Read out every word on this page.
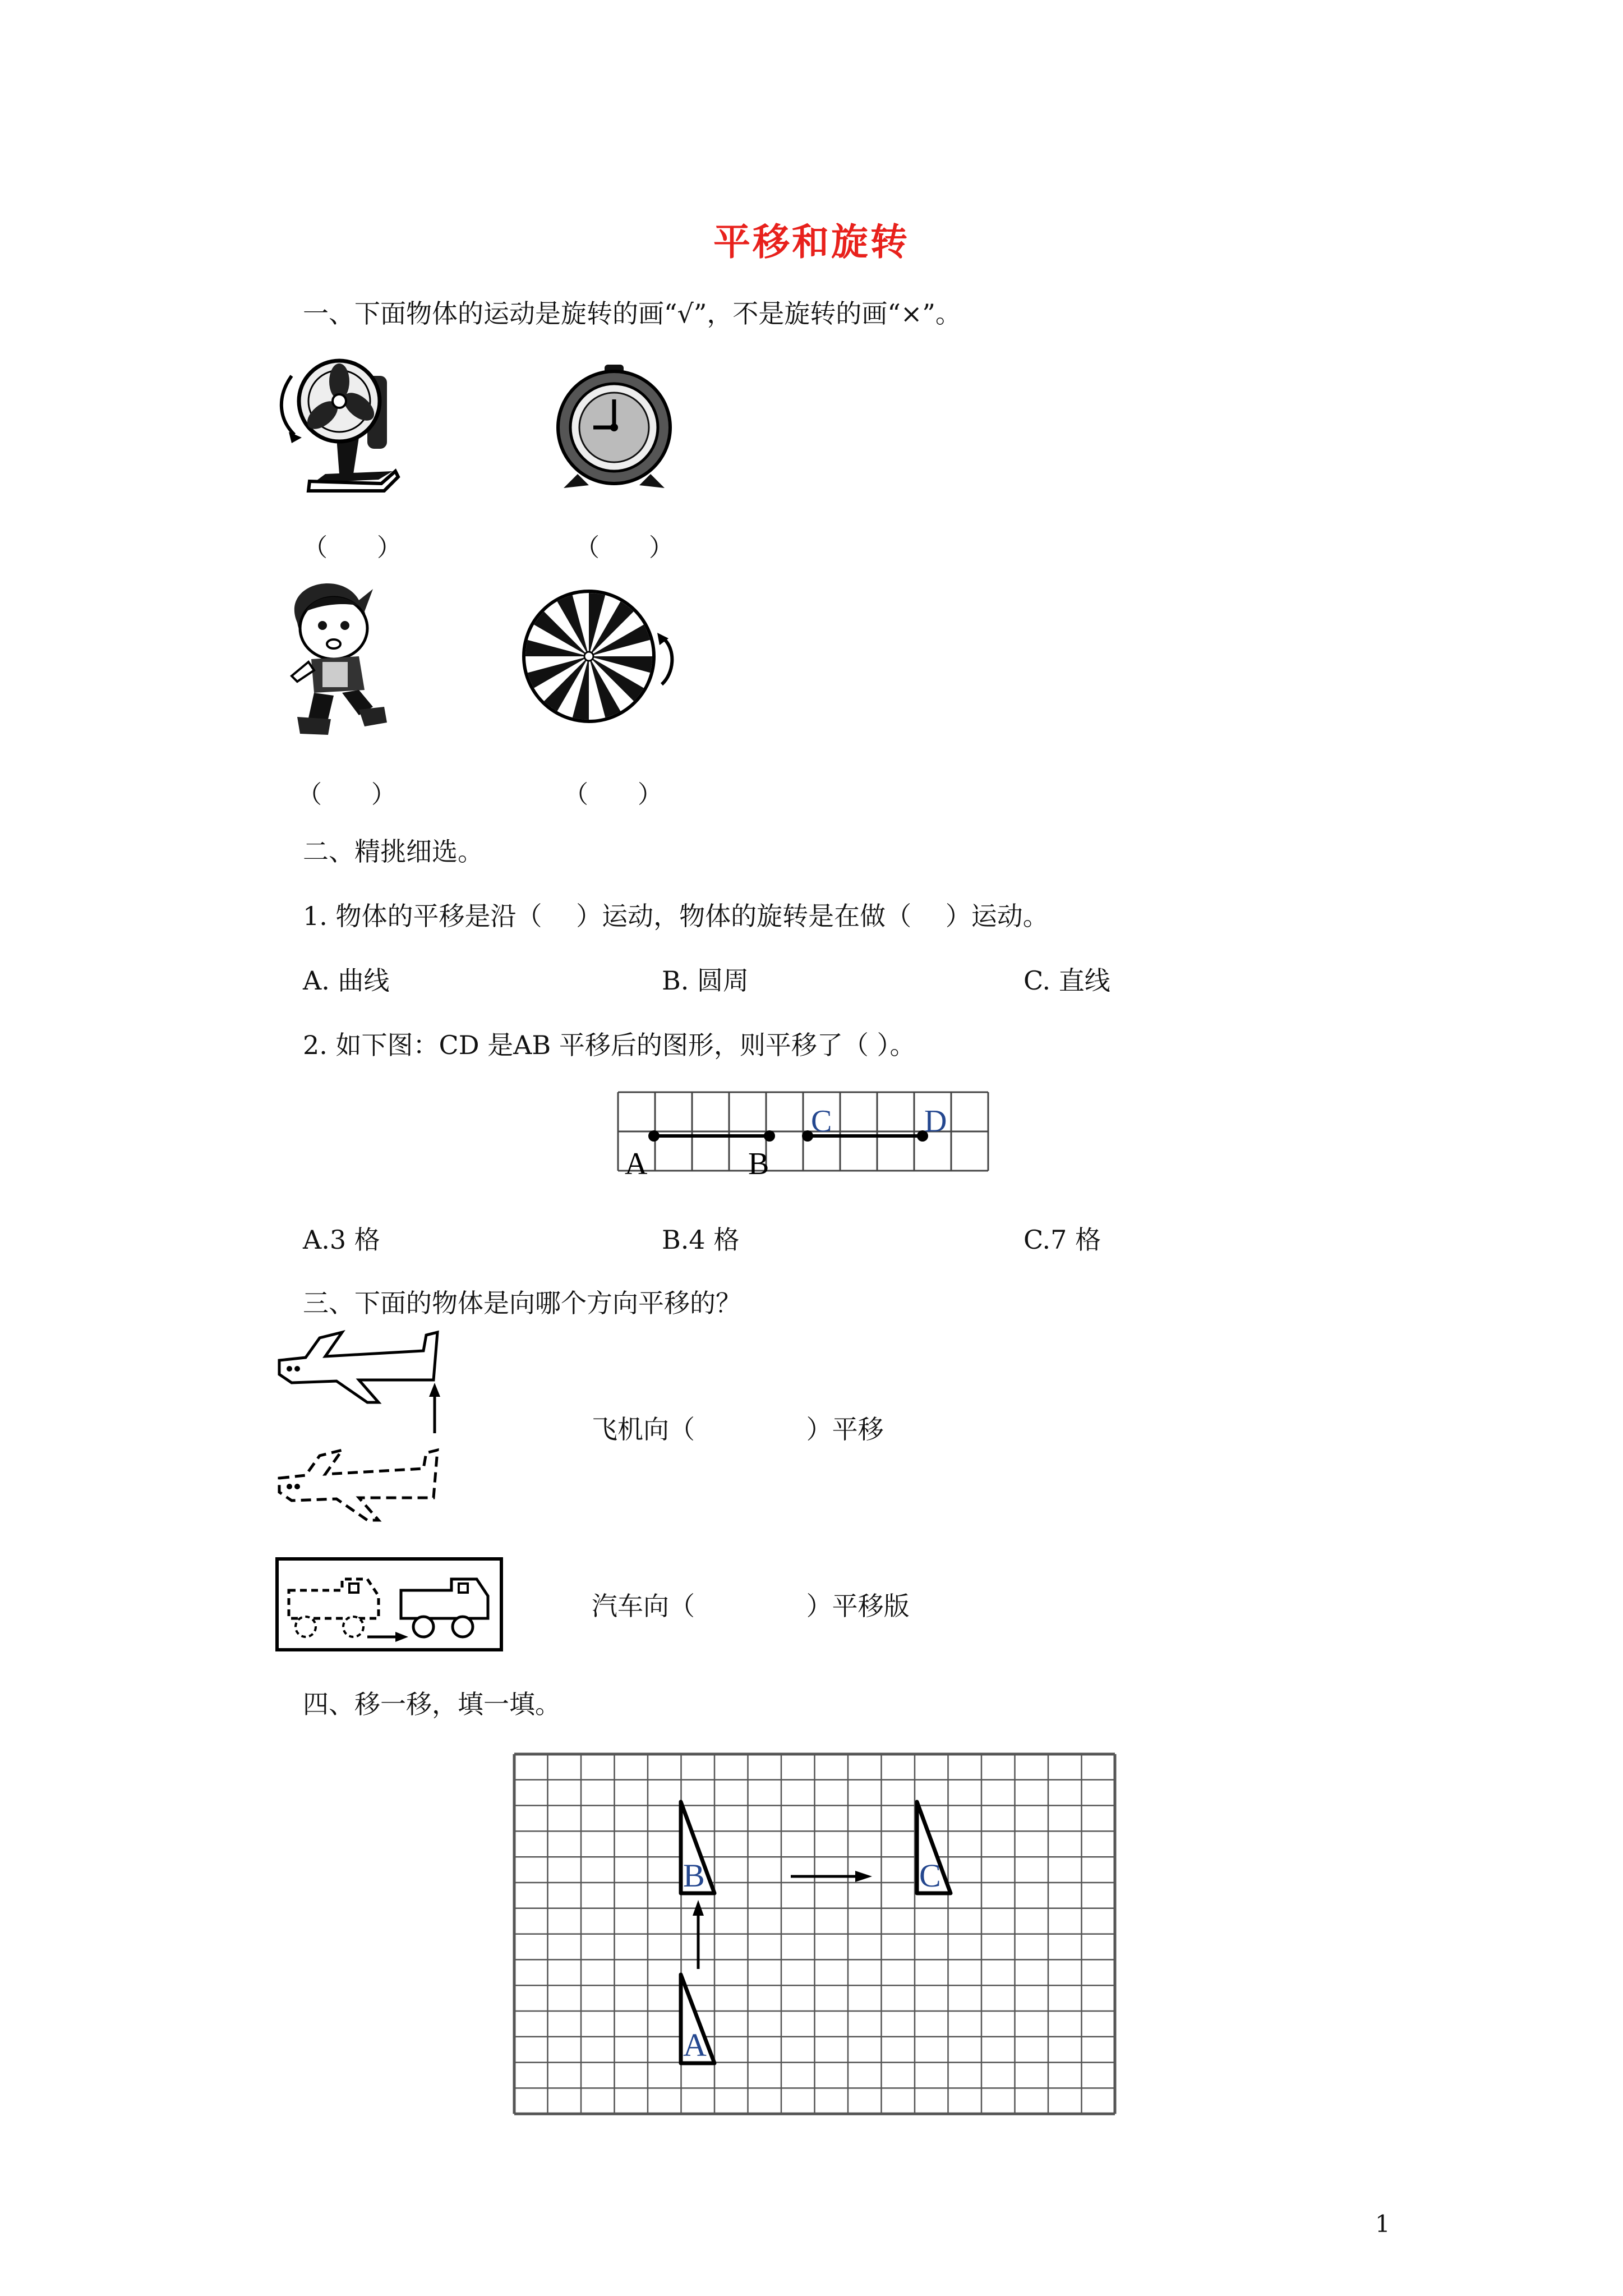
平移和旋转
一、下面物体的运动是旋转的画“√”，不是旋转的画“×”。
（　　）	（　　）
（　　）	（　　）
二、精挑细选。
1. 物体的平移是沿（　 ）运动，物体的旋转是在做（　 ）运动。
A. 曲线	B. 圆周	C. 直线
2. 如下图：CD 是AB 平移后的图形，则平移了（ ）。
A	B
C	D
A.3 格	B.4 格	C.7 格
三、下面的物体是向哪个方向平移的？
飞机向（　　　　 ）平移
汽车向（　　　　 ）平移版
四、移一移，填一填。
A
B	C
1
